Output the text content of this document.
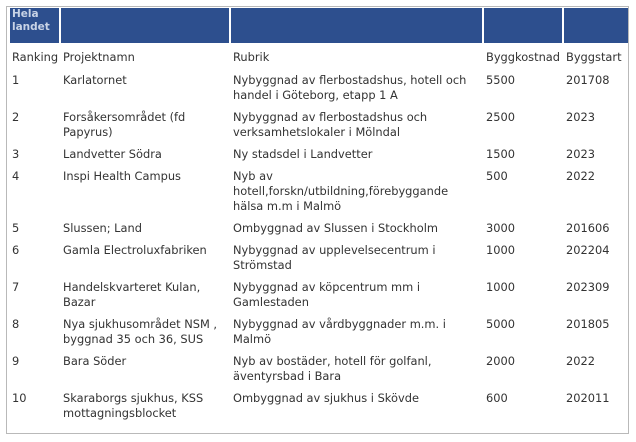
Hela landet				
Ranking	Projektnamn	Rubrik	Byggkostnad	Byggstart
1	Karlatornet	Nybyggnad av flerbostadshus, hotell och handel i Göteborg, etapp 1 A	5500	201708
2	Forsåkersområdet (fd Papyrus)	Nybyggnad av flerbostadshus och verksamhetslokaler i Mölndal	2500	2023
3	Landvetter Södra	Ny stadsdel i Landvetter	1500	2023
4	Inspi Health Campus	Nyb av hotell,forskn/utbildning,förebyggande hälsa m.m i Malmö	500	2022
5	Slussen; Land	Ombyggnad av Slussen i Stockholm	3000	201606
6	Gamla Electroluxfabriken	Nybyggnad av upplevelsecentrum i Strömstad	1000	202204
7	Handelskvarteret Kulan, Bazar	Nybyggnad av köpcentrum mm i Gamlestaden	1000	202309
8	Nya sjukhusområdet NSM , byggnad 35 och 36, SUS	Nybyggnad av vårdbyggnader m.m. i Malmö	5000	201805
9	Bara Söder	Nyb av bostäder, hotell för golfanl, äventyrsbad i Bara	2000	2022
10	Skaraborgs sjukhus, KSS mottagningsblocket	Ombyggnad av sjukhus i Skövde	600	202011
